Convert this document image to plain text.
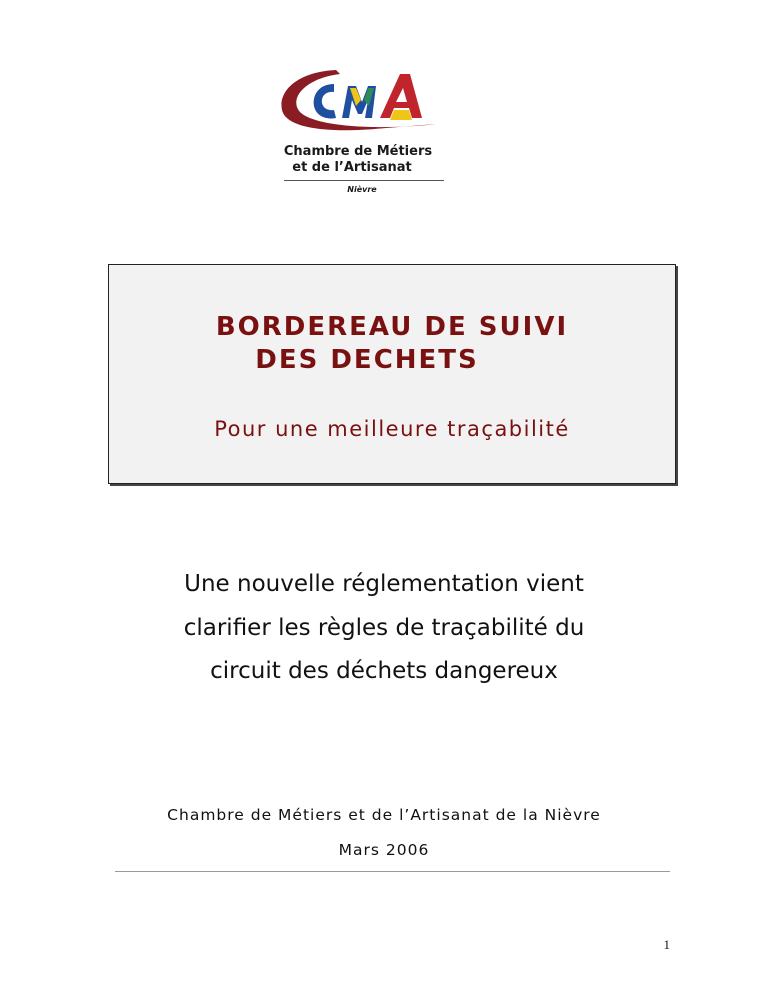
Chambre de Métiers
et de l’Artisanat
Nièvre
BORDEREAU DE SUIVI
DES DECHETS
Pour une meilleure traçabilité
Une nouvelle réglementation vient
clarifier les règles de traçabilité du
circuit des déchets dangereux
Chambre de Métiers et de l’Artisanat de la Nièvre
Mars 2006
1
